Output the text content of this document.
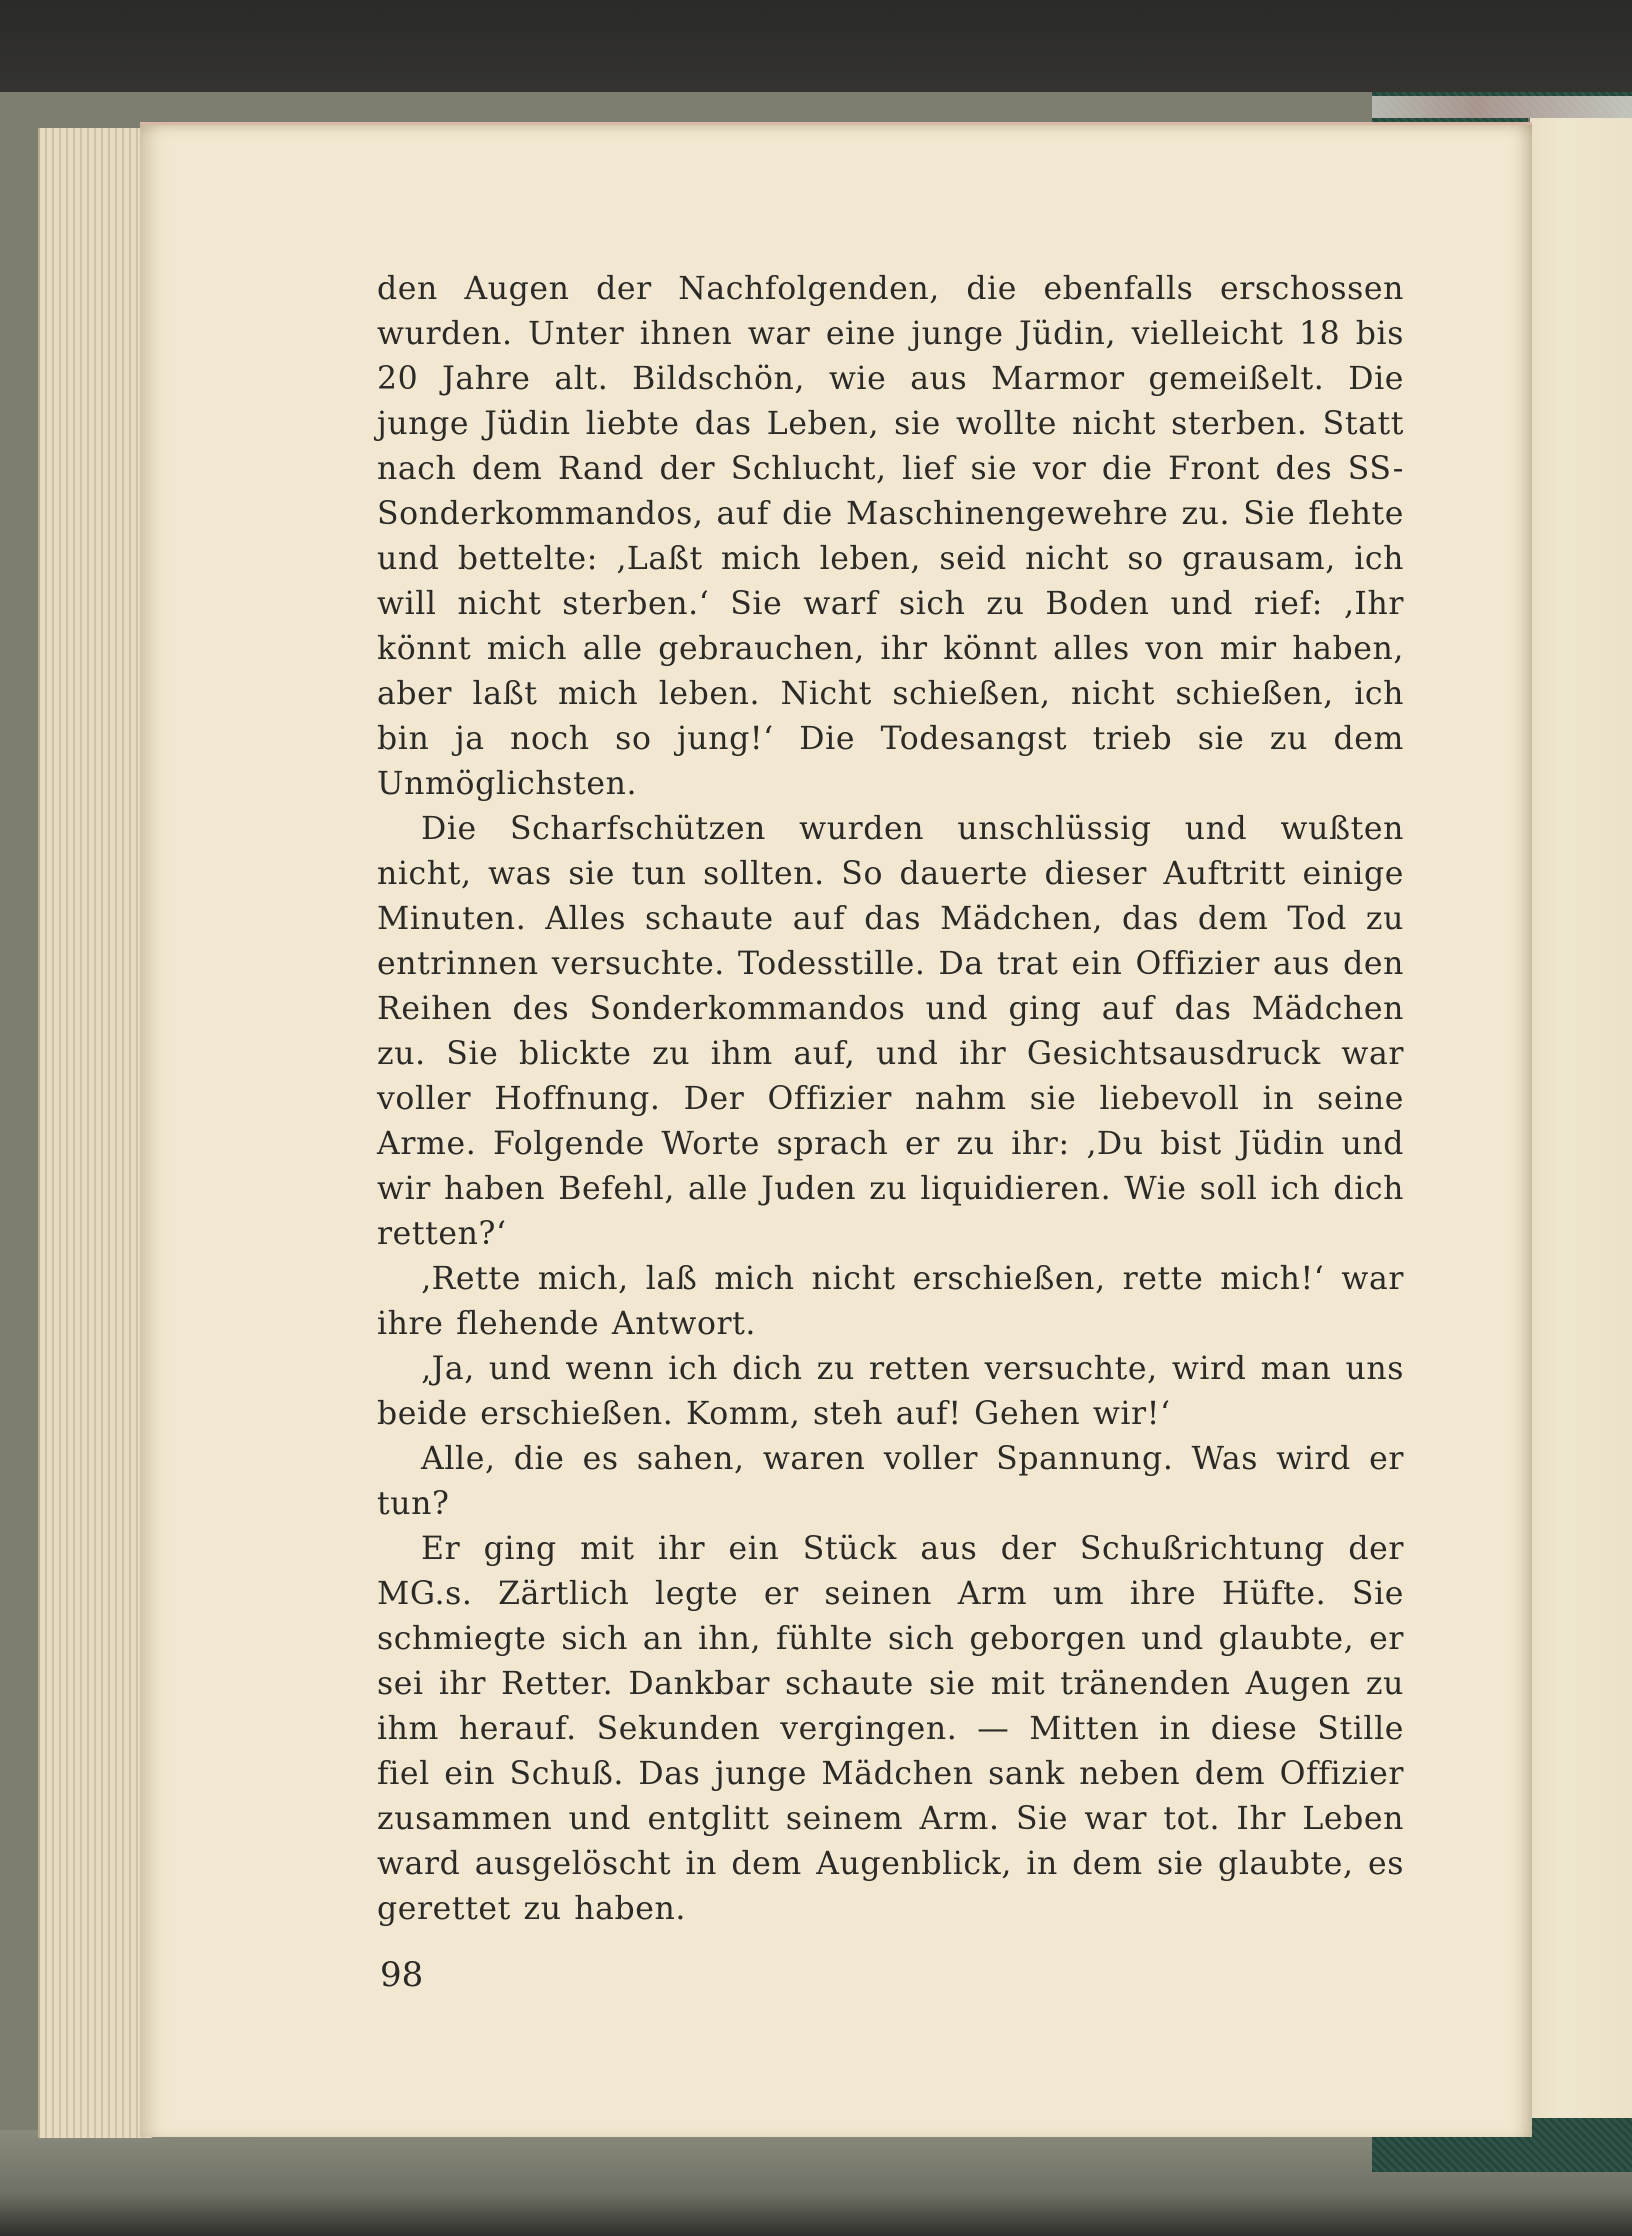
den Augen der Nachfolgenden, die ebenfalls erschossen wurden. Unter ihnen war eine junge Jüdin, vielleicht 18 bis 20 Jahre alt. Bildschön, wie aus Marmor gemeißelt. Die junge Jüdin liebte das Leben, sie wollte nicht sterben. Statt nach dem Rand der Schlucht, lief sie vor die Front des SS-Sonderkommandos, auf die Maschinengewehre zu. Sie flehte und bettelte: ‚Laßt mich leben, seid nicht so grausam, ich will nicht sterben.‘ Sie warf sich zu Boden und rief: ‚Ihr könnt mich alle gebrauchen, ihr könnt alles von mir haben, aber laßt mich leben. Nicht schießen, nicht schießen, ich bin ja noch so jung!‘ Die Todesangst trieb sie zu dem Unmöglichsten.

Die Scharfschützen wurden unschlüssig und wußten nicht, was sie tun sollten. So dauerte dieser Auftritt einige Minuten. Alles schaute auf das Mädchen, das dem Tod zu entrinnen versuchte. Todesstille. Da trat ein Offizier aus den Reihen des Sonderkommandos und ging auf das Mädchen zu. Sie blickte zu ihm auf, und ihr Gesichtsausdruck war voller Hoffnung. Der Offizier nahm sie liebevoll in seine Arme. Folgende Worte sprach er zu ihr: ‚Du bist Jüdin und wir haben Befehl, alle Juden zu liquidieren. Wie soll ich dich retten?‘

‚Rette mich, laß mich nicht erschießen, rette mich!‘ war ihre flehende Antwort.

‚Ja, und wenn ich dich zu retten versuchte, wird man uns beide erschießen. Komm, steh auf! Gehen wir!‘

Alle, die es sahen, waren voller Spannung. Was wird er tun?

Er ging mit ihr ein Stück aus der Schußrichtung der MG.s. Zärtlich legte er seinen Arm um ihre Hüfte. Sie schmiegte sich an ihn, fühlte sich geborgen und glaubte, er sei ihr Retter. Dankbar schaute sie mit tränenden Augen zu ihm herauf. Sekunden vergingen. — Mitten in diese Stille fiel ein Schuß. Das junge Mädchen sank neben dem Offizier zusammen und entglitt seinem Arm. Sie war tot. Ihr Leben ward ausgelöscht in dem Augenblick, in dem sie glaubte, es gerettet zu haben.

98
